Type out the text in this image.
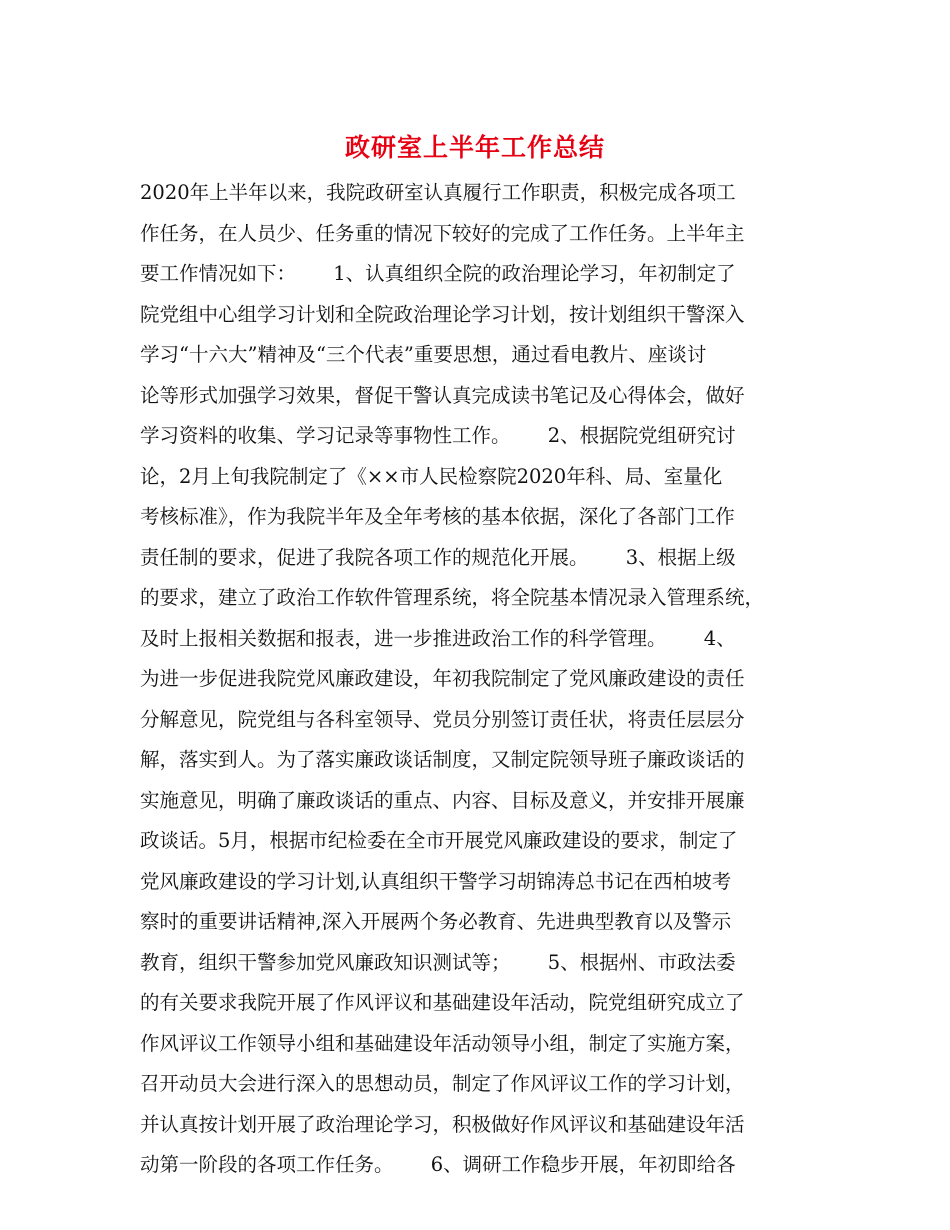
政研室上半年工作总结
2020年上半年以来，我院政研室认真履行工作职责，积极完成各项工
作任务，在人员少、任务重的情况下较好的完成了工作任务。上半年主
要工作情况如下：      1、认真组织全院的政治理论学习，年初制定了
院党组中心组学习计划和全院政治理论学习计划，按计划组织干警深入
学习“十六大”精神及“三个代表”重要思想，通过看电教片、座谈讨
论等形式加强学习效果，督促干警认真完成读书笔记及心得体会，做好
学习资料的收集、学习记录等事物性工作。      2、根据院党组研究讨
论，2月上旬我院制定了《××市人民检察院2020年科、局、室量化
考核标准》，作为我院半年及全年考核的基本依据，深化了各部门工作
责任制的要求，促进了我院各项工作的规范化开展。      3、根据上级
的要求，建立了政治工作软件管理系统，将全院基本情况录入管理系统，
及时上报相关数据和报表，进一步推进政治工作的科学管理。      4、
为进一步促进我院党风廉政建设，年初我院制定了党风廉政建设的责任
分解意见，院党组与各科室领导、党员分别签订责任状，将责任层层分
解，落实到人。为了落实廉政谈话制度，又制定院领导班子廉政谈话的
实施意见，明确了廉政谈话的重点、内容、目标及意义，并安排开展廉
政谈话。5月，根据市纪检委在全市开展党风廉政建设的要求，制定了
党风廉政建设的学习计划,认真组织干警学习胡锦涛总书记在西柏坡考
察时的重要讲话精神,深入开展两个务必教育、先进典型教育以及警示
教育，组织干警参加党风廉政知识测试等；      5、根据州、市政法委
的有关要求我院开展了作风评议和基础建设年活动，院党组研究成立了
作风评议工作领导小组和基础建设年活动领导小组，制定了实施方案，
召开动员大会进行深入的思想动员，制定了作风评议工作的学习计划，
并认真按计划开展了政治理论学习，积极做好作风评议和基础建设年活
动第一阶段的各项工作任务。      6、调研工作稳步开展，年初即给各
